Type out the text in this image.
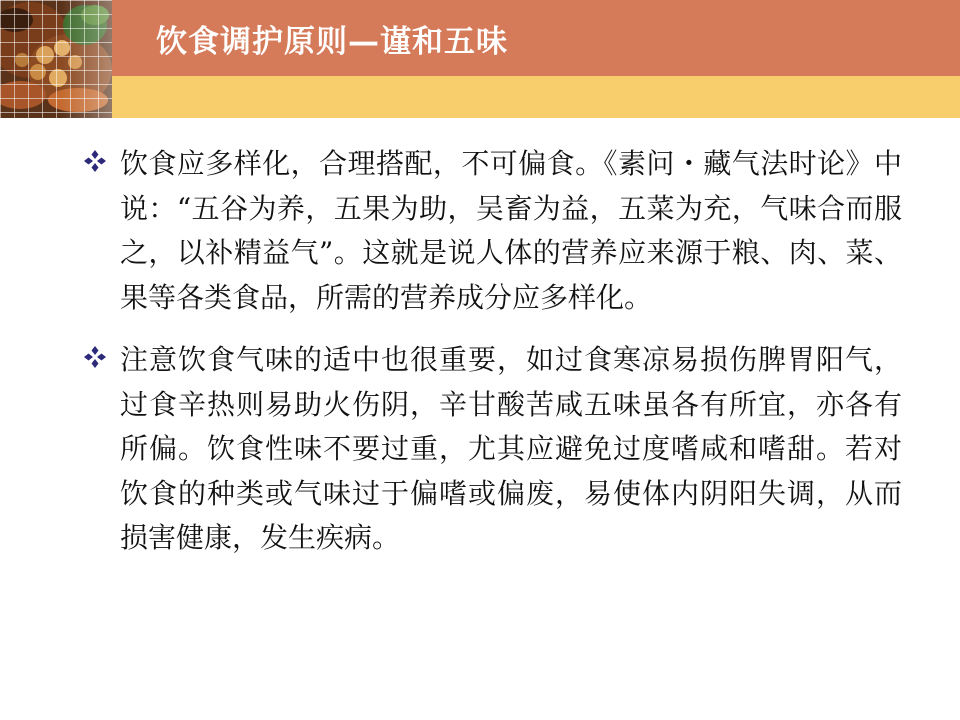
饮食调护原则—谨和五味
饮食应多样化，合理搭配，不可偏食。《素问・藏气法时论》中说：“五谷为养，五果为助，吴畜为益，五菜为充，气味合而服之，以补精益气”。这就是说人体的营养应来源于粮、肉、菜、果等各类食品，所需的营养成分应多样化。
注意饮食气味的适中也很重要，如过食寒凉易损伤脾胃阳气，过食辛热则易助火伤阴，辛甘酸苦咸五味虽各有所宜，亦各有所偏。饮食性味不要过重，尤其应避免过度嗜咸和嗜甜。若对饮食的种类或气味过于偏嗜或偏废，易使体内阴阳失调，从而损害健康，发生疾病。
